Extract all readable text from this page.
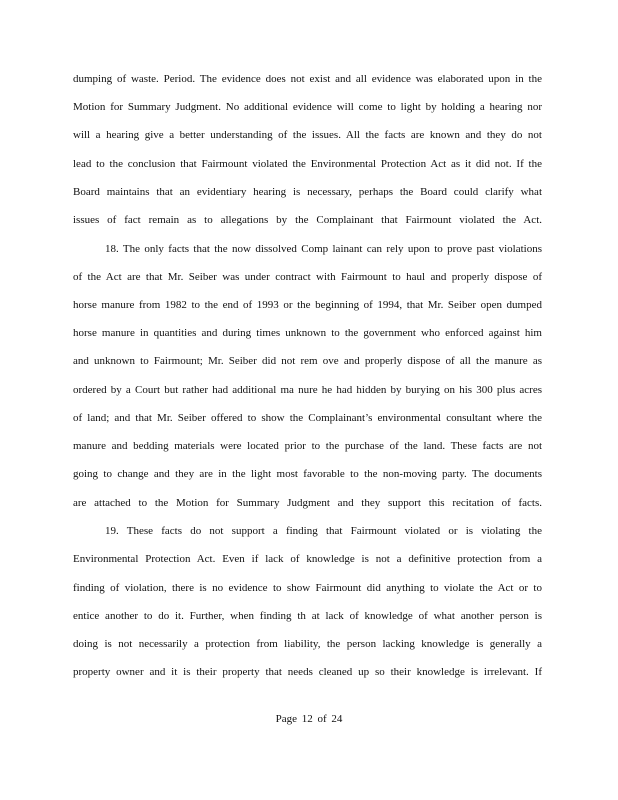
dumping of waste. Period. The evidence does not exist and all evidence was elaborated upon in the
Motion for Summary Judgment. No additional evidence will come to light by holding a hearing nor
will a hearing give a better understanding of the issues. All the facts are known and they do not
lead to the conclusion that Fairmount violated the Environmental Protection Act as it did not. If the
Board maintains that an evidentiary hearing is necessary, perhaps the Board could clarify what
issues of fact remain as to allegations by the Complainant that Fairmount violated the Act.
18. The only facts that the now dissolved Comp lainant can rely upon to prove past violations
of the Act are that Mr. Seiber was under contract with Fairmount to haul and properly dispose of
horse manure from 1982 to the end of 1993 or the beginning of 1994, that Mr. Seiber open dumped
horse manure in quantities and during times unknown to the government who enforced against him
and unknown to Fairmount; Mr. Seiber did not rem ove and properly dispose of all the manure as
ordered by a Court but rather had additional ma nure he had hidden by burying on his 300 plus acres
of land; and that Mr. Seiber offered to show the Complainant’s environmental consultant where the
manure and bedding materials were located prior to the purchase of the land. These facts are not
going to change and they are in the light most favorable to the non-moving party. The documents
are attached to the Motion for Summary Judgment and they support this recitation of facts.
19. These facts do not support a finding that Fairmount violated or is violating the
Environmental Protection Act. Even if lack of knowledge is not a definitive protection from a
finding of violation, there is no evidence to show Fairmount did anything to violate the Act or to
entice another to do it. Further, when finding th at lack of knowledge of what another person is
doing is not necessarily a protection from liability, the person lacking knowledge is generally a
property owner and it is their property that needs cleaned up so their knowledge is irrelevant. If
Page 12 of 24
